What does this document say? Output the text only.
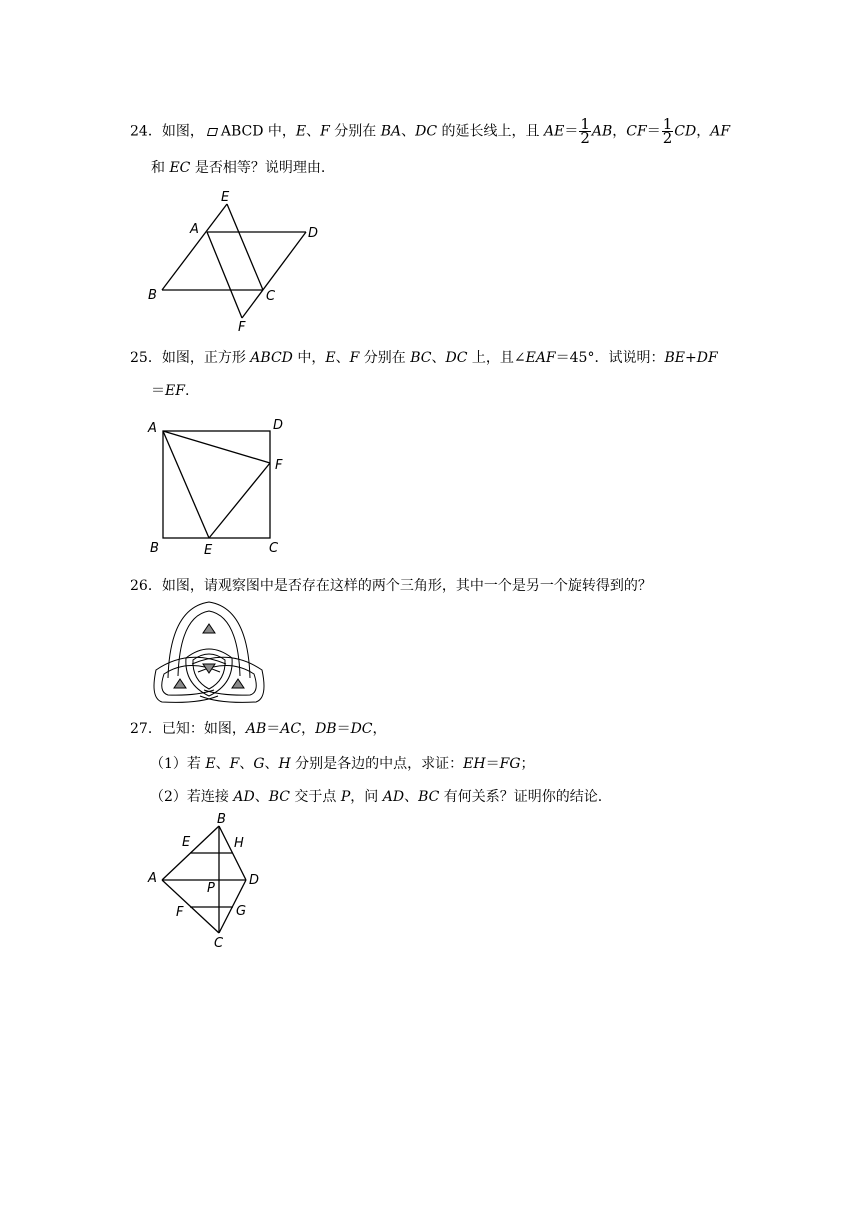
24．如图， ABCD 中，E、F 分别在 BA、DC 的延长线上，且 $AE= \frac{1}{2}$ AB，$CF= \frac{1}{2}$ CD，AF
和 EC 是否相等？说明理由.
E
A	D
B	C
F
25．如图，正方形 ABCD 中，E、F 分别在 BC、DC 上，且∠EAF＝45°．试说明：BE+DF
＝EF.
A	D
F
B	E	C
26．如图，请观察图中是否存在这样的两个三角形，其中一个是另一个旋转得到的？
27．已知：如图，AB＝AC，DB＝DC，
（1）若 E、F、G、H 分别是各边的中点，求证：EH＝FG；
（2）若连接 AD、BC 交于点 P，问 AD、BC 有何关系？证明你的结论.
B
E	H
A
P
D
F	G
C
